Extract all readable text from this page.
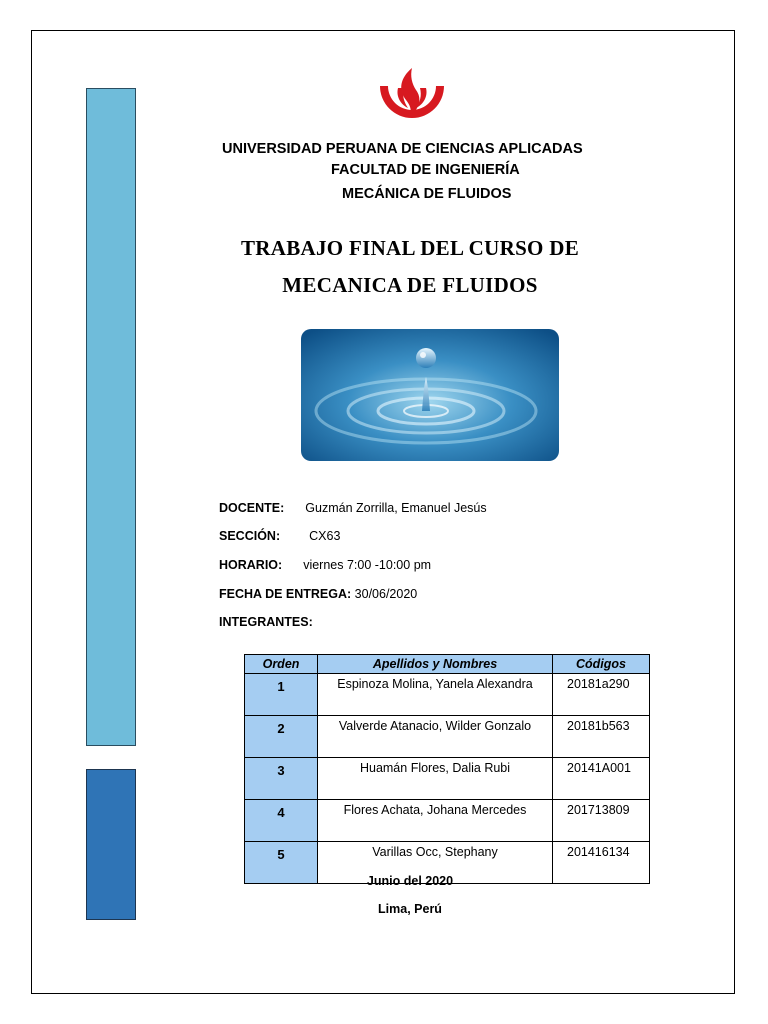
UNIVERSIDAD PERUANA DE CIENCIAS APLICADAS
FACULTAD DE INGENIERÍA
MECÁNICA DE FLUIDOS
TRABAJO FINAL DEL CURSO DE
MECANICA DE FLUIDOS
DOCENTE: Guzmán Zorrilla, Emanuel Jesús
SECCIÓN: CX63
HORARIO: viernes 7:00 -10:00 pm
FECHA DE ENTREGA: 30/06/2020
INTEGRANTES:
Orden	Apellidos y Nombres	Códigos
1	Espinoza Molina, Yanela Alexandra	20181a290
2	Valverde Atanacio, Wilder Gonzalo	20181b563
3	Huamán Flores, Dalia Rubi	20141A001
4	Flores Achata, Johana Mercedes	201713809
5	Varillas Occ, Stephany	201416134
Junio del 2020
Lima, Perú
